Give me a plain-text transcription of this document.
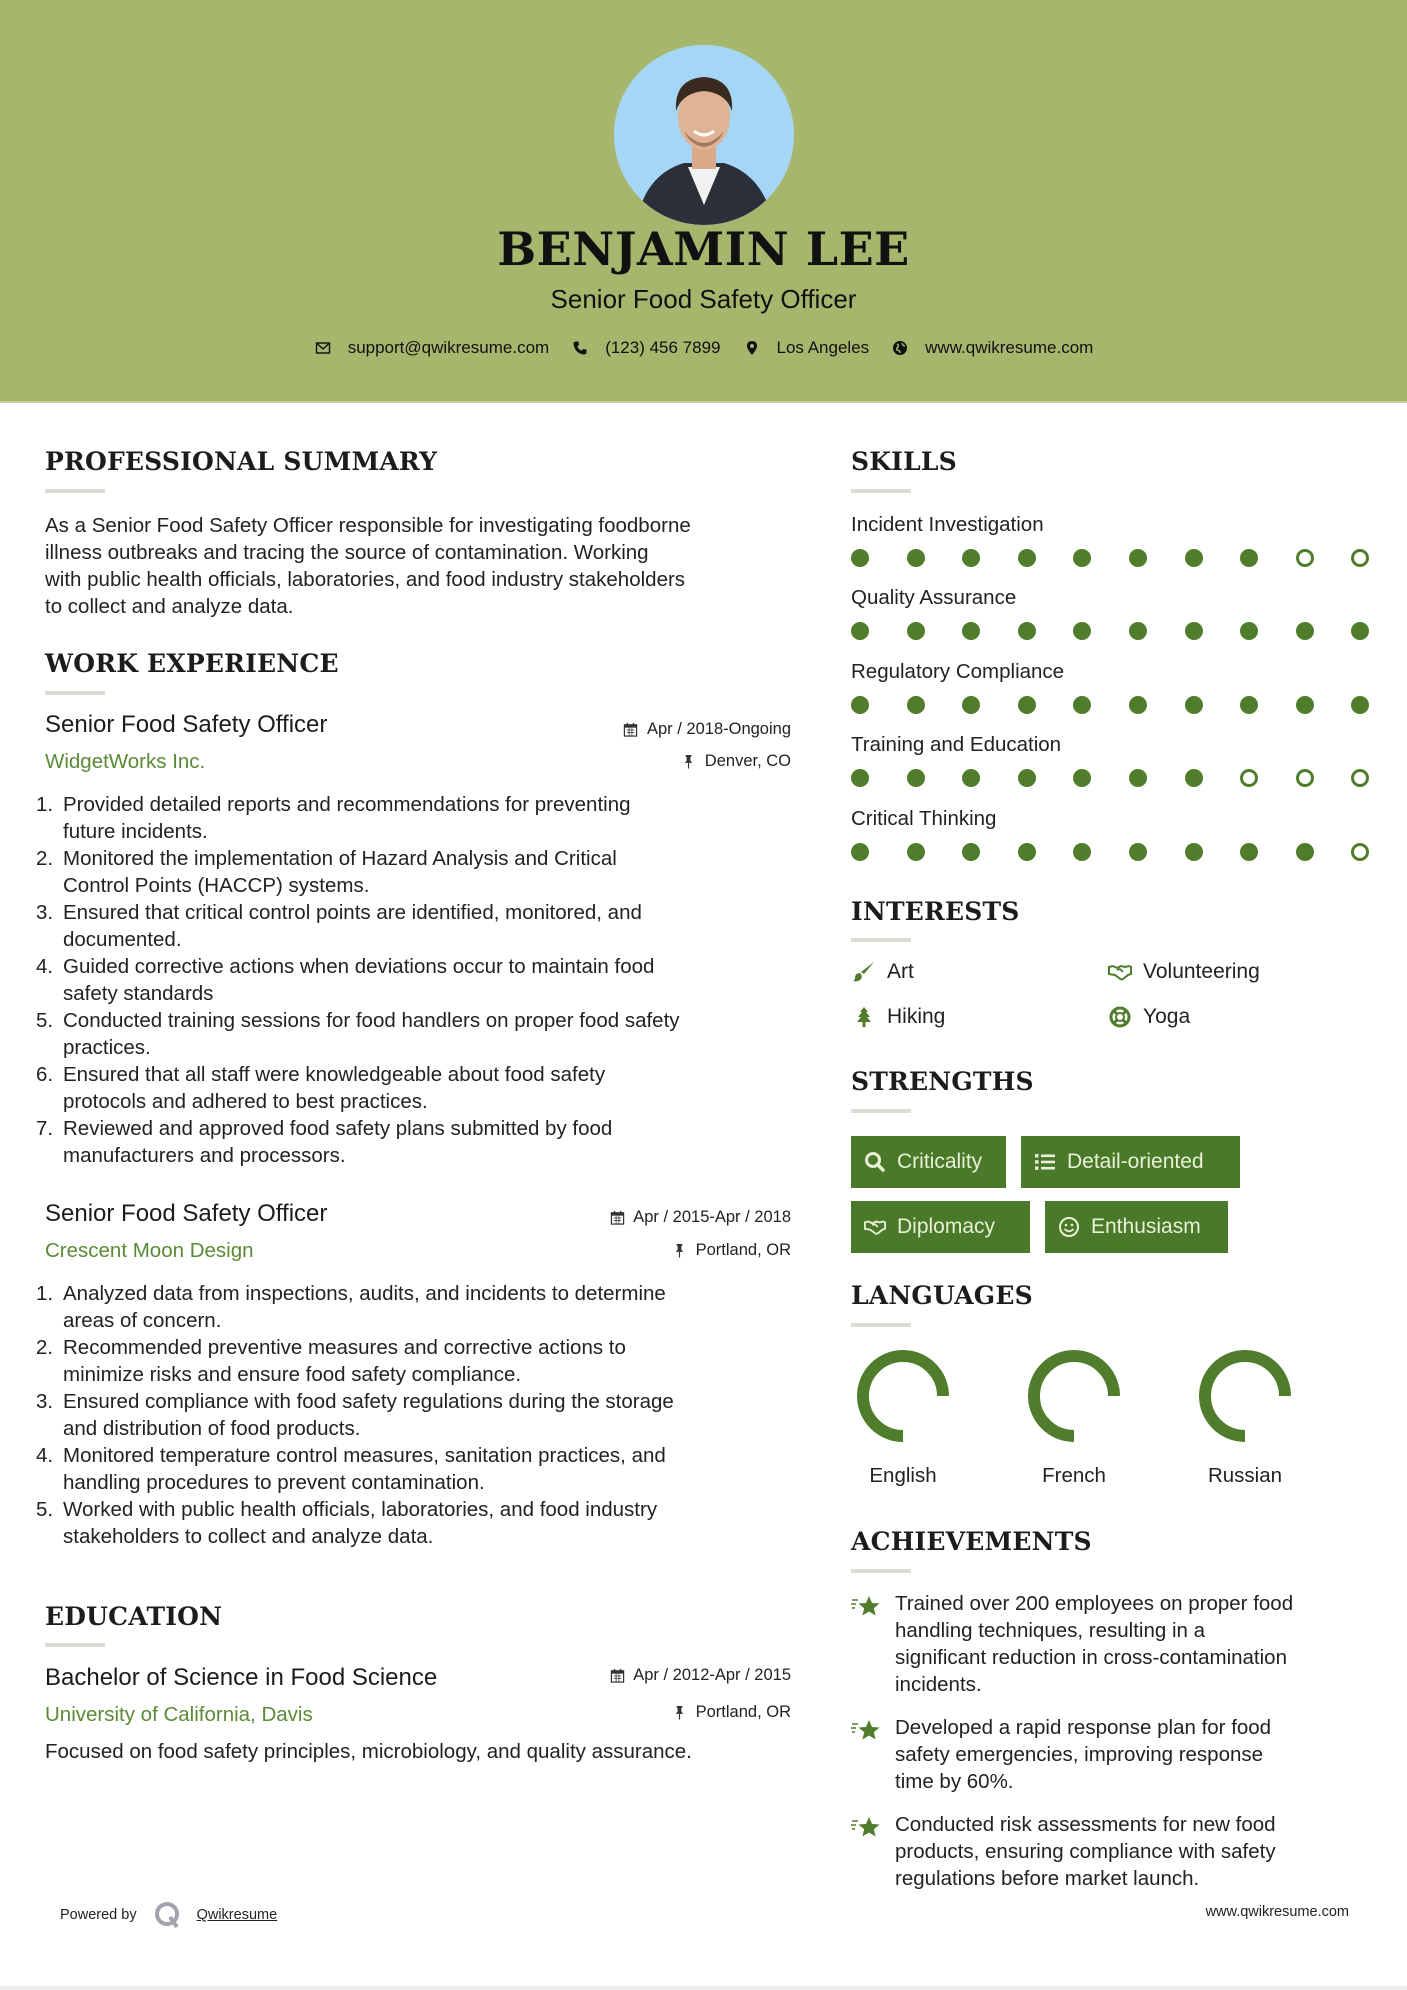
BENJAMIN LEE
Senior Food Safety Officer
support@qwikresume.com	(123) 456 7899	Los Angeles	www.qwikresume.com
PROFESSIONAL SUMMARY
As a Senior Food Safety Officer responsible for investigating foodborne
illness outbreaks and tracing the source of contamination. Working
with public health officials, laboratories, and food industry stakeholders
to collect and analyze data.
WORK EXPERIENCE
Senior Food Safety Officer	Apr / 2018-Ongoing
WidgetWorks Inc.	Denver, CO
1. Provided detailed reports and recommendations for preventing
future incidents.
2. Monitored the implementation of Hazard Analysis and Critical
Control Points (HACCP) systems.
3. Ensured that critical control points are identified, monitored, and
documented.
4. Guided corrective actions when deviations occur to maintain food
safety standards
5. Conducted training sessions for food handlers on proper food safety
practices.
6. Ensured that all staff were knowledgeable about food safety
protocols and adhered to best practices.
7. Reviewed and approved food safety plans submitted by food
manufacturers and processors.
Senior Food Safety Officer	Apr / 2015-Apr / 2018
Crescent Moon Design	Portland, OR
1. Analyzed data from inspections, audits, and incidents to determine
areas of concern.
2. Recommended preventive measures and corrective actions to
minimize risks and ensure food safety compliance.
3. Ensured compliance with food safety regulations during the storage
and distribution of food products.
4. Monitored temperature control measures, sanitation practices, and
handling procedures to prevent contamination.
5. Worked with public health officials, laboratories, and food industry
stakeholders to collect and analyze data.
EDUCATION
Bachelor of Science in Food Science	Apr / 2012-Apr / 2015
University of California, Davis	Portland, OR
Focused on food safety principles, microbiology, and quality assurance.
SKILLS
Incident Investigation
Quality Assurance
Regulatory Compliance
Training and Education
Critical Thinking
INTERESTS
Art	Volunteering
Hiking	Yoga
STRENGTHS
Criticality	Detail-oriented
Diplomacy	Enthusiasm
LANGUAGES
English	French	Russian
ACHIEVEMENTS
Trained over 200 employees on proper food
handling techniques, resulting in a
significant reduction in cross-contamination
incidents.
Developed a rapid response plan for food
safety emergencies, improving response
time by 60%.
Conducted risk assessments for new food
products, ensuring compliance with safety
regulations before market launch.
Powered by	Qwikresume	www.qwikresume.com
